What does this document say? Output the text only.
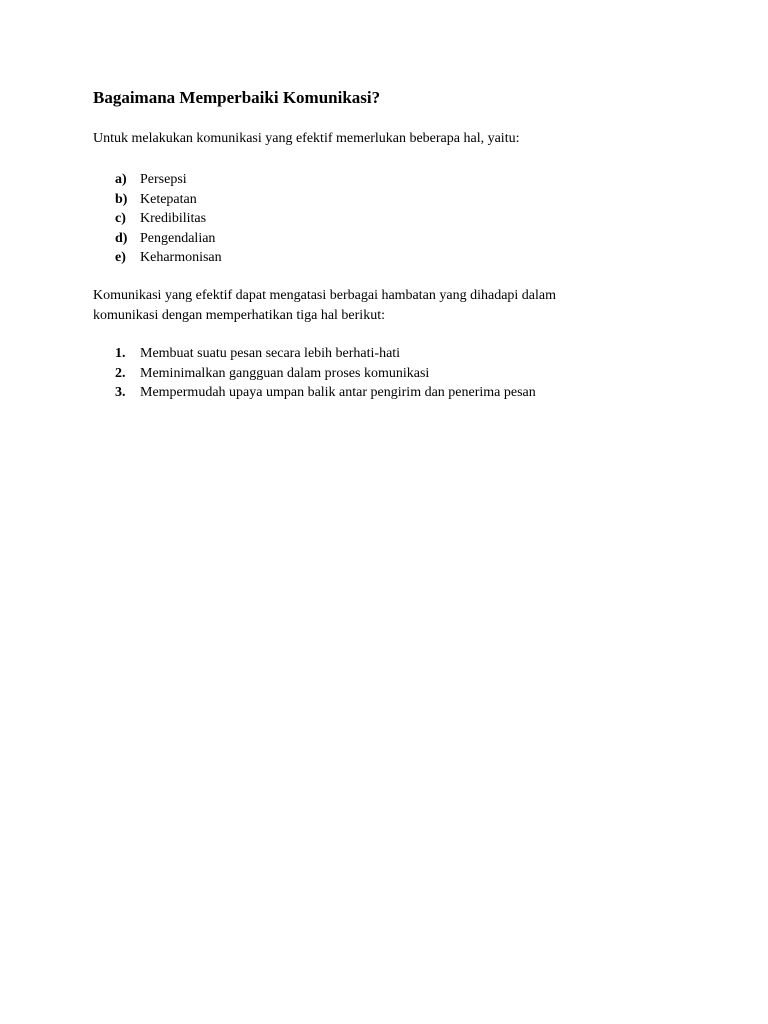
Bagaimana Memperbaiki Komunikasi?

Untuk melakukan komunikasi yang efektif memerlukan beberapa hal, yaitu:

a) Persepsi
b) Ketepatan
c) Kredibilitas
d) Pengendalian
e) Keharmonisan

Komunikasi yang efektif dapat mengatasi berbagai hambatan yang dihadapi dalam
komunikasi dengan memperhatikan tiga hal berikut:

1. Membuat suatu pesan secara lebih berhati-hati
2. Meminimalkan gangguan dalam proses komunikasi
3. Mempermudah upaya umpan balik antar pengirim dan penerima pesan
